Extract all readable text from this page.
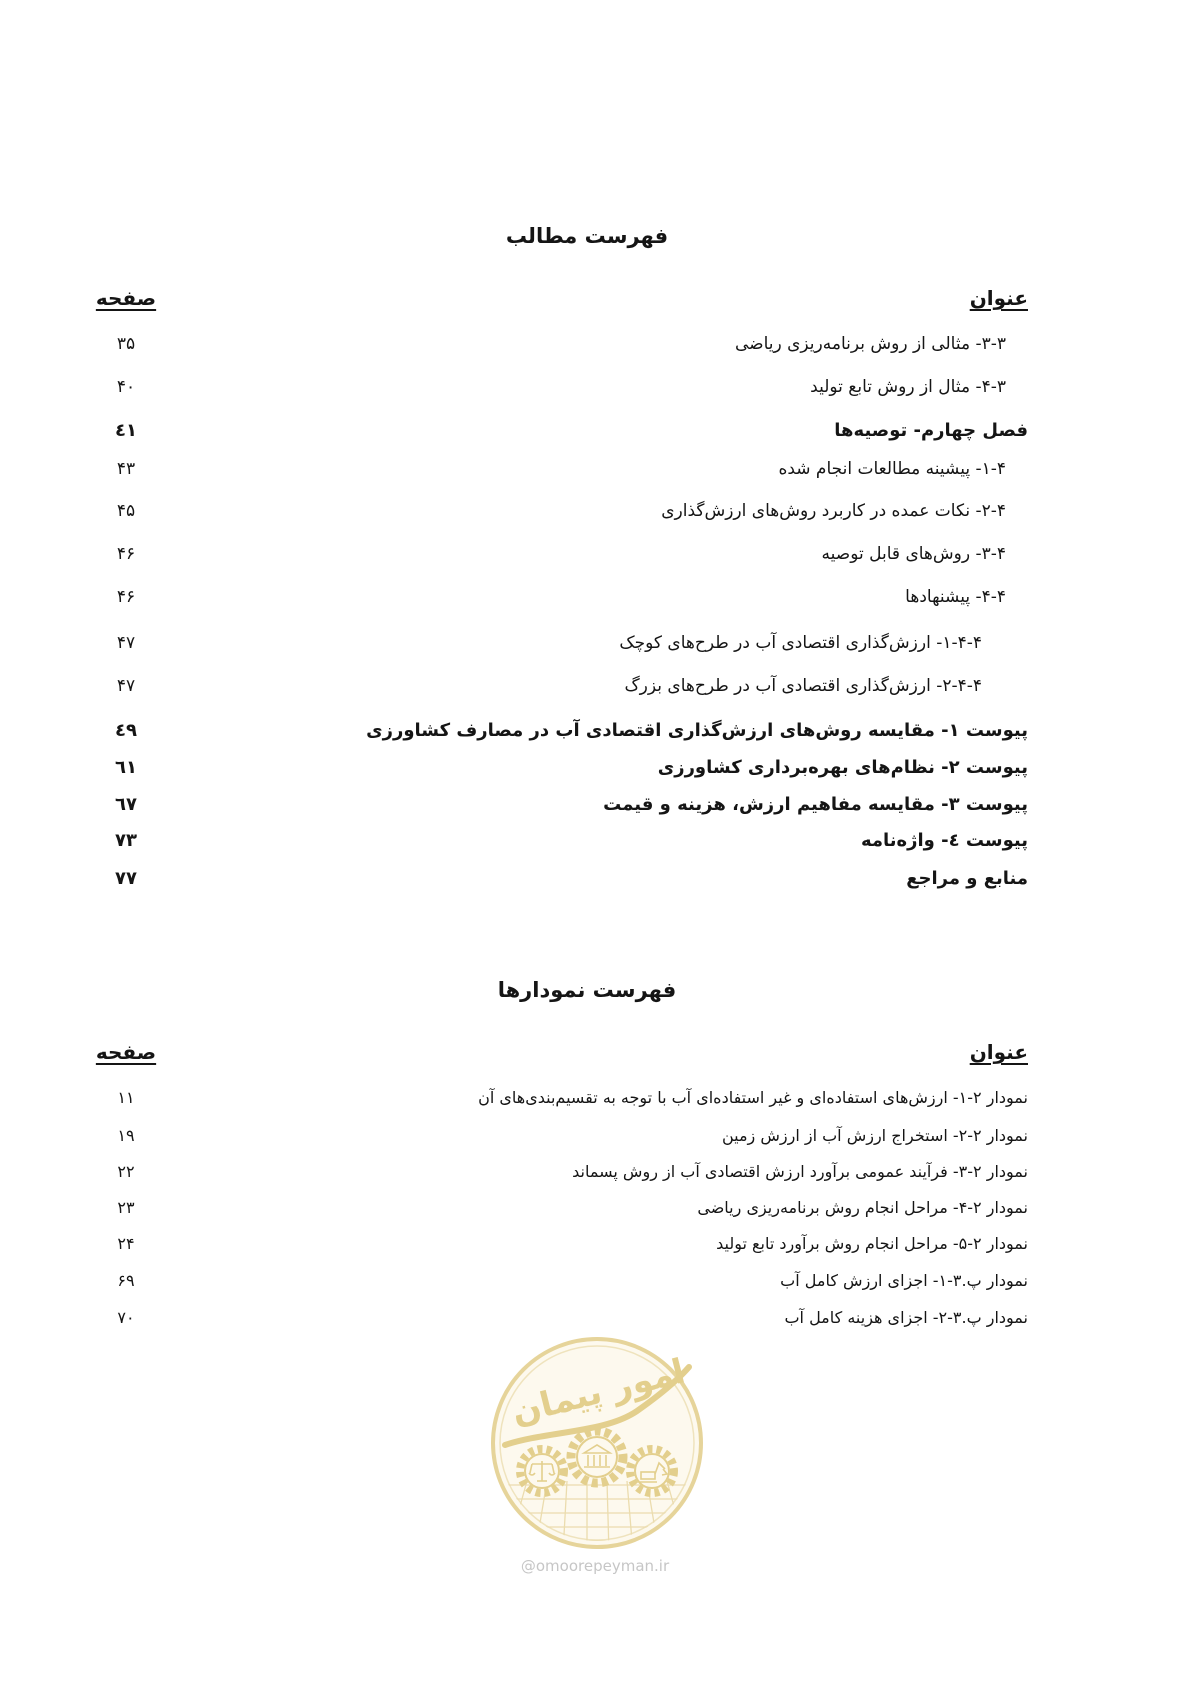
فهرست مطالب
عنوان
صفحه
۳-۳- مثالی از روش برنامه‌ریزی ریاضی
۳۵
۳-۴- مثال از روش تابع تولید
۴۰
فصل چهارم- توصیه‌ها
٤١
۴-۱- پیشینه مطالعات انجام شده
۴۳
۴-۲- نکات عمده در کاربرد روش‌های ارزش‌گذاری
۴۵
۴-۳- روش‌های قابل توصیه
۴۶
۴-۴- پیشنهادها
۴۶
۴-۴-۱- ارزش‌گذاری اقتصادی آب در طرح‌های کوچک
۴۷
۴-۴-۲- ارزش‌گذاری اقتصادی آب در طرح‌های بزرگ
۴۷
پیوست ۱- مقایسه روش‌های ارزش‌گذاری اقتصادی آب در مصارف کشاورزی
٤٩
پیوست ۲- نظام‌های بهره‌برداری کشاورزی
٦١
پیوست ۳- مقایسه مفاهیم ارزش، هزینه و قیمت
٦٧
پیوست ٤- واژه‌نامه
٧٣
منابع و مراجع
٧٧
فهرست نمودارها
عنوان
صفحه
نمودار ۲-۱- ارزش‌های استفاده‌ای و غیر استفاده‌ای آب با توجه به تقسیم‌بندی‌های آن
۱۱
نمودار ۲-۲- استخراج ارزش آب از ارزش زمین
۱۹
نمودار ۲-۳- فرآیند عمومی برآورد ارزش اقتصادی آب از روش پسماند
۲۲
نمودار ۲-۴- مراحل انجام روش برنامه‌ریزی ریاضی
۲۳
نمودار ۲-۵- مراحل انجام روش برآورد تابع تولید
۲۴
نمودار پ.۳-۱- اجزای ارزش کامل آب
۶۹
نمودار پ.۳-۲- اجزای هزینه کامل آب
۷۰
امور پیمان
@omoorepeyman.ir
